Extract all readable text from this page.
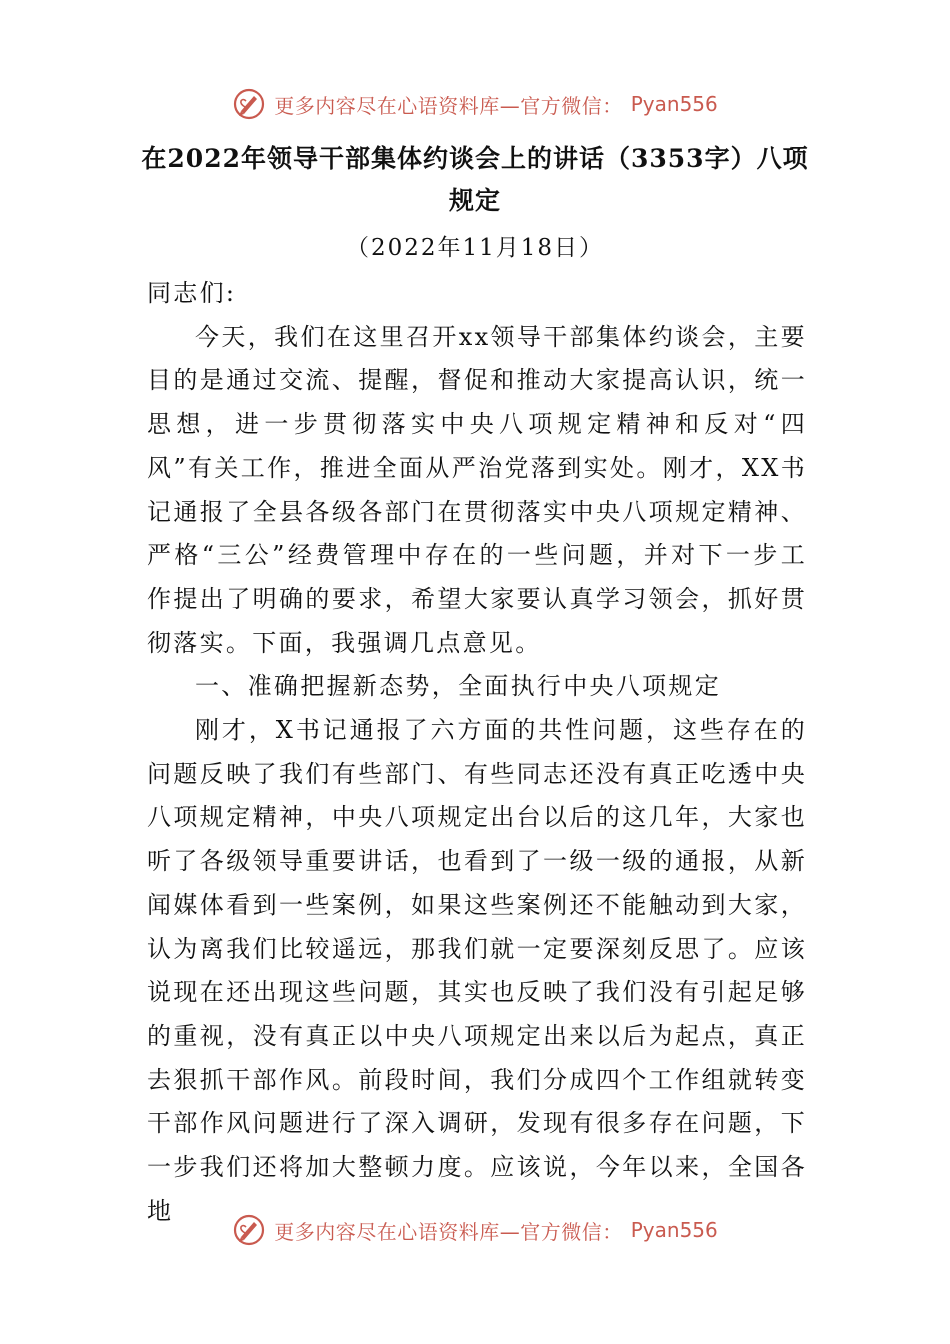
更多内容尽在心语资料库—官方微信： Pyan556
在2022年领导干部集体约谈会上的讲话（3353字）八项规定
（2022年11月18日）

同志们:

今天，我们在这里召开xx领导干部集体约谈会，主要目的是通过交流、提醒，督促和推动大家提高认识，统一思想，进一步贯彻落实中央八项规定精神和反对“四风”有关工作，推进全面从严治党落到实处。刚才，XX书记通报了全县各级各部门在贯彻落实中央八项规定精神、严格“三公”经费管理中存在的一些问题，并对下一步工作提出了明确的要求，希望大家要认真学习领会，抓好贯彻落实。下面，我强调几点意见。

一、准确把握新态势，全面执行中央八项规定

刚才，X书记通报了六方面的共性问题，这些存在的问题反映了我们有些部门、有些同志还没有真正吃透中央八项规定精神，中央八项规定出台以后的这几年，大家也听了各级领导重要讲话，也看到了一级一级的通报，从新闻媒体看到一些案例，如果这些案例还不能触动到大家，认为离我们比较遥远，那我们就一定要深刻反思了。应该说现在还出现这些问题，其实也反映了我们没有引起足够的重视，没有真正以中央八项规定出来以后为起点，真正去狠抓干部作风。前段时间，我们分成四个工作组就转变干部作风问题进行了深入调研，发现有很多存在问题，下一步我们还将加大整顿力度。应该说，今年以来，全国各地

更多内容尽在心语资料库—官方微信： Pyan556
